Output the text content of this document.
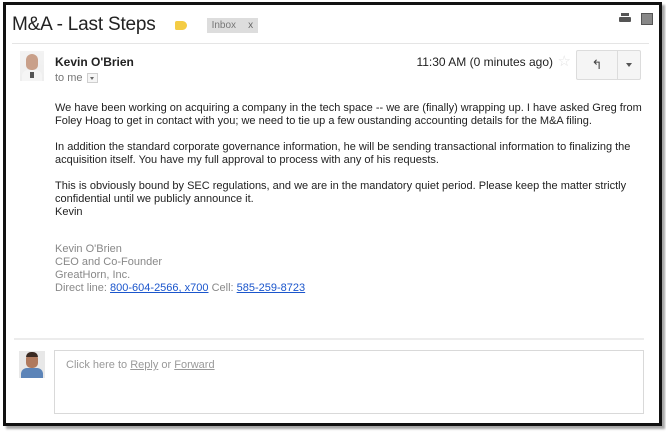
M&A - Last Steps	Inbox x
Kevin O'Brien
to me
11:30 AM (0 minutes ago) ☆ ↰

We have been working on acquiring a company in the tech space -- we are (finally) wrapping up. I have asked Greg from Foley Hoag to get in contact with you; we need to tie up a few oustanding accounting details for the M&A filing.

In addition the standard corporate governance information, he will be sending transactional information to finalizing the acquisition itself. You have my full approval to process with any of his requests.

This is obviously bound by SEC regulations, and we are in the mandatory quiet period. Please keep the matter strictly confidential until we publicly announce it.

Kevin
Kevin O'Brien
CEO and Co-Founder
GreatHorn, Inc.
Direct line: 800-604-2566, x700 Cell: 585-259-8723
Click here to Reply or Forward
